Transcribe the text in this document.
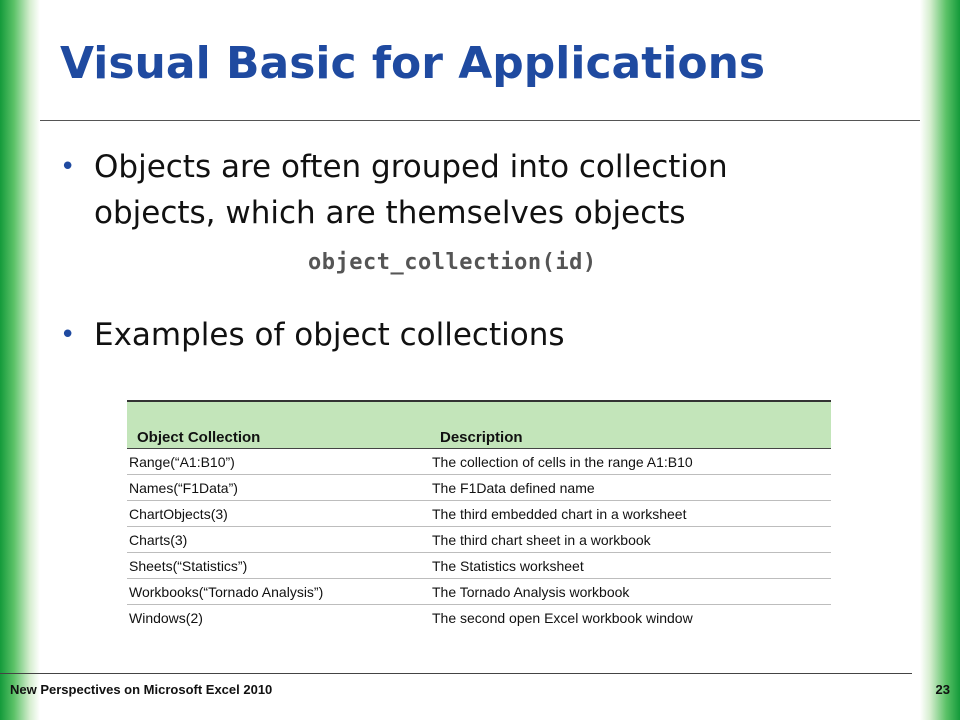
Visual Basic for Applications
• Objects are often grouped into collection objects, which are themselves objects
object_collection(id)
• Examples of object collections
Object Collection	Description
Range(“A1:B10”)	The collection of cells in the range A1:B10
Names(“F1Data”)	The F1Data defined name
ChartObjects(3)	The third embedded chart in a worksheet
Charts(3)	The third chart sheet in a workbook
Sheets(“Statistics”)	The Statistics worksheet
Workbooks(“Tornado Analysis”)	The Tornado Analysis workbook
Windows(2)	The second open Excel workbook window
New Perspectives on Microsoft Excel 2010	23
